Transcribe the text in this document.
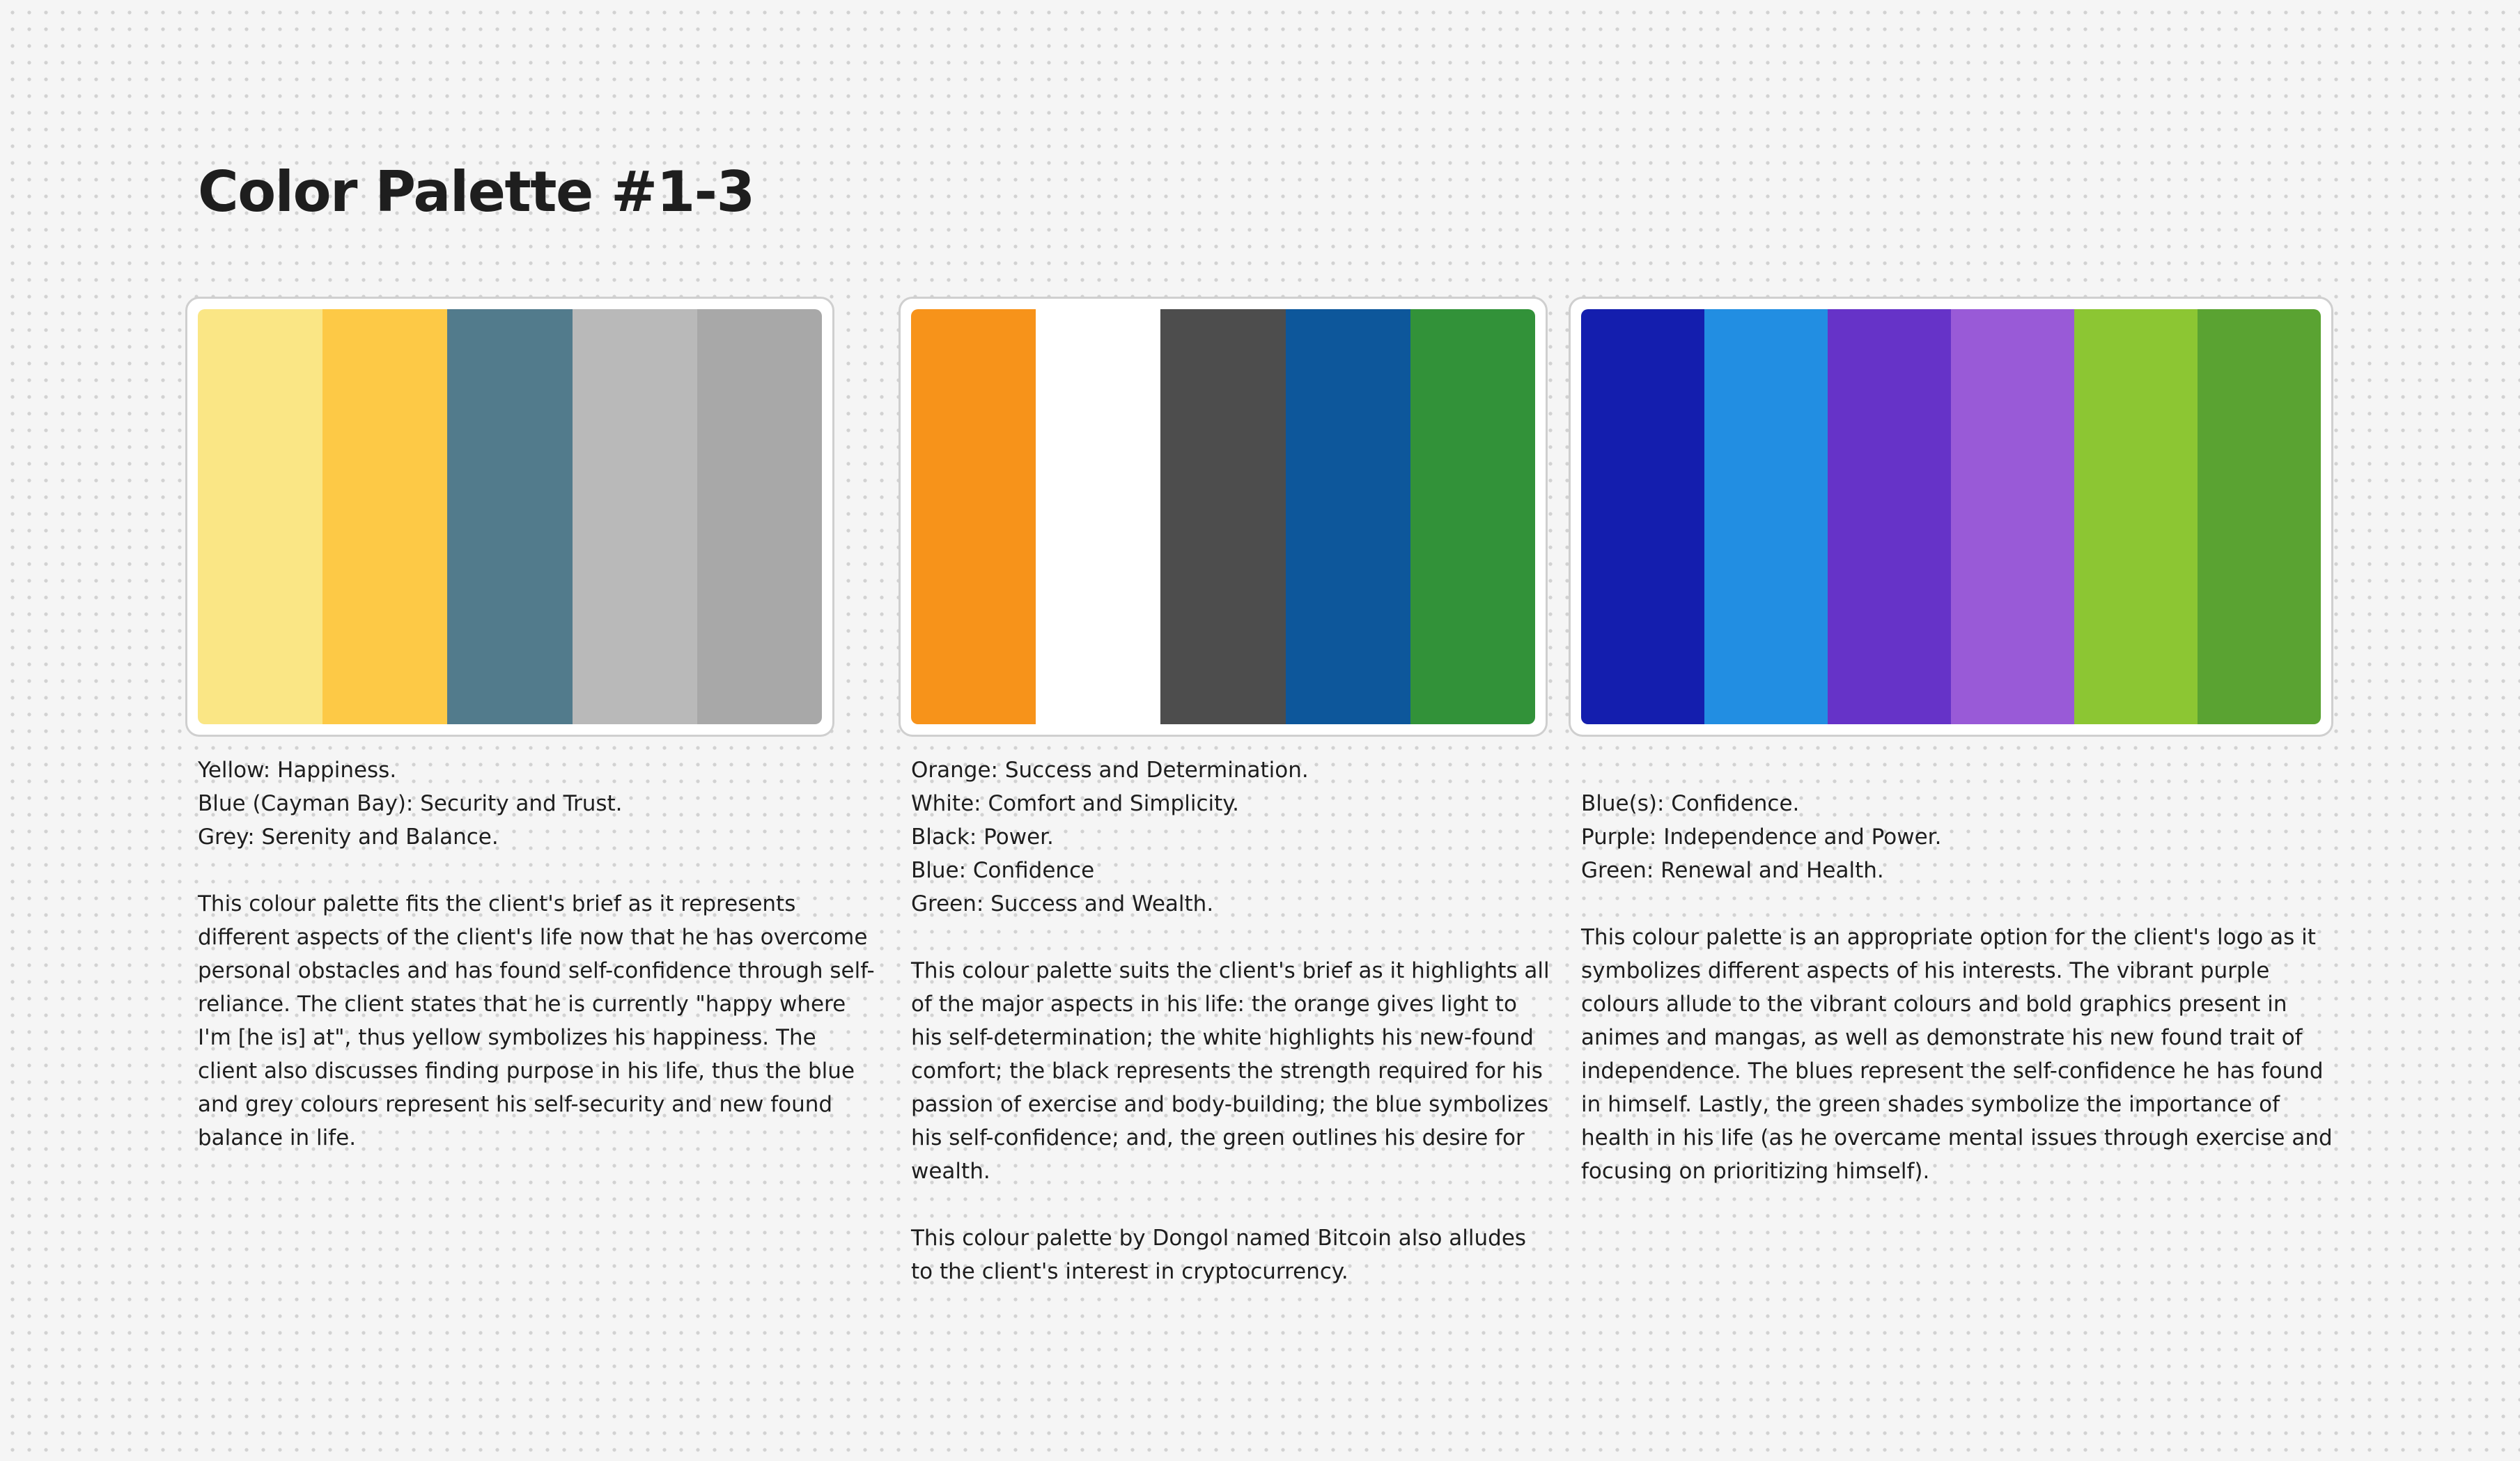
Color Palette #1-3

Yellow: Happiness.

Blue (Cayman Bay): Security and Trust.

Grey: Serenity and Balance.

This colour palette fits the client's brief as it represents different aspects of the client's life now that he has overcome personal obstacles and has found self-confidence through self-reliance. The client states that he is currently "happy where I'm [he is] at", thus yellow symbolizes his happiness. The client also discusses finding purpose in his life, thus the blue and grey colours represent his self-security and new found balance in life.

Orange: Success and Determination.

White: Comfort and Simplicity.

Black: Power.

Blue: Confidence

Green: Success and Wealth.

This colour palette suits the client's brief as it highlights all of the major aspects in his life: the orange gives light to his self-determination; the white highlights his new-found comfort; the black represents the strength required for his passion of exercise and body-building; the blue symbolizes his self-confidence; and, the green outlines his desire for wealth.

This colour palette by Dongol named Bitcoin also alludes to the client's interest in cryptocurrency.

Blue(s): Confidence.

Purple: Independence and Power.

Green: Renewal and Health.

This colour palette is an appropriate option for the client's logo as it symbolizes different aspects of his interests. The vibrant purple colours allude to the vibrant colours and bold graphics present in animes and mangas, as well as demonstrate his new found trait of independence. The blues represent the self-confidence he has found in himself. Lastly, the green shades symbolize the importance of health in his life (as he overcame mental issues through exercise and focusing on prioritizing himself).
